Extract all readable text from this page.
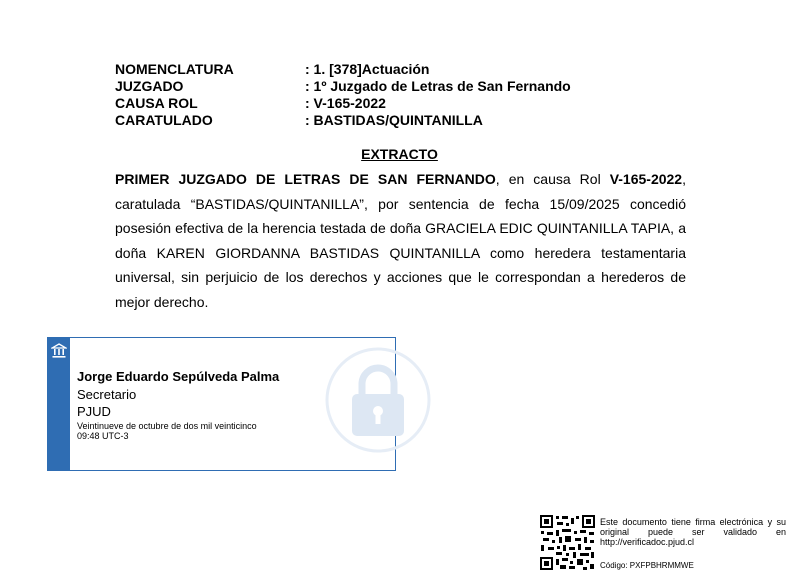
NOMENCLATURA	: 1. [378]Actuación
JUZGADO	: 1º Juzgado de Letras de San Fernando
CAUSA ROL	: V-165-2022
CARATULADO	: BASTIDAS/QUINTANILLA
EXTRACTO
PRIMER JUZGADO DE LETRAS DE SAN FERNANDO, en causa Rol V-165-2022, caratulada “BASTIDAS/QUINTANILLA”, por sentencia de fecha 15/09/2025 concedió posesión efectiva de la herencia testada de doña GRACIELA EDIC QUINTANILLA TAPIA, a doña KAREN GIORDANNA BASTIDAS QUINTANILLA como heredera testamentaria universal, sin perjuicio de los derechos y acciones que le correspondan a herederos de mejor derecho.
Jorge Eduardo Sepúlveda Palma
Secretario
PJUD
Veintinueve de octubre de dos mil veinticinco
09:48 UTC-3
Este documento tiene firma electrónica y su original puede ser validado en http://verificadoc.pjud.cl
Código: PXFPBHRMMWE
